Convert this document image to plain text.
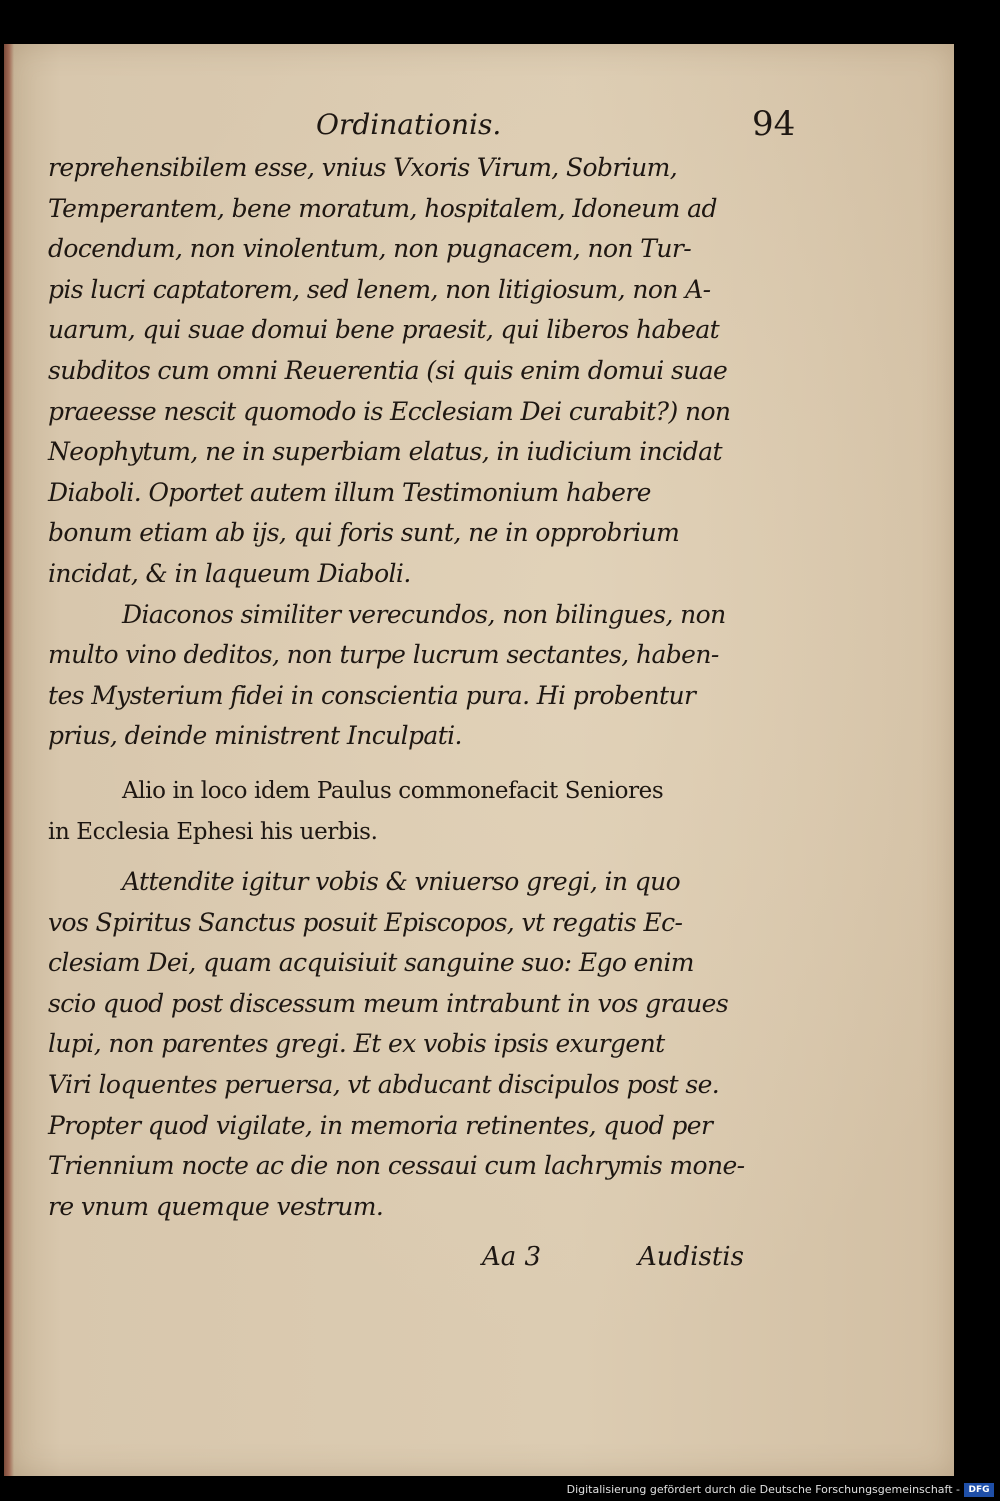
Ordinationis.	94
reprehensibilem esse, vnius Vxoris Virum, Sobrium,
Temperantem, bene moratum, hospitalem, Idoneum ad
docendum, non vinolentum, non pugnacem, non Tur-
pis lucri captatorem, sed lenem, non litigiosum, non A-
uarum, qui suae domui bene praesit, qui liberos habeat
subditos cum omni Reuerentia (si quis enim domui suae
praeesse nescit quomodo is Ecclesiam Dei curabit?) non
Neophytum, ne in superbiam elatus, in iudicium incidat
Diaboli. Oportet autem illum Testimonium habere
bonum etiam ab ijs, qui foris sunt, ne in opprobrium
incidat, & in laqueum Diaboli.
Diaconos similiter verecundos, non bilingues, non
multo vino deditos, non turpe lucrum sectantes, haben-
tes Mysterium fidei in conscientia pura. Hi probentur
prius, deinde ministrent Inculpati.
Alio in loco idem Paulus commonefacit Seniores
in Ecclesia Ephesi his uerbis.
Attendite igitur vobis & vniuerso gregi, in quo
vos Spiritus Sanctus posuit Episcopos, vt regatis Ec-
clesiam Dei, quam acquisiuit sanguine suo: Ego enim
scio quod post discessum meum intrabunt in vos graues
lupi, non parentes gregi. Et ex vobis ipsis exurgent
Viri loquentes peruersa, vt abducant discipulos post se.
Propter quod vigilate, in memoria retinentes, quod per
Triennium nocte ac die non cessaui cum lachrymis mone-
re vnum quemque vestrum.
Aa 3	Audistis
Digitalisierung gefördert durch die Deutsche Forschungsgemeinschaft - DFG
